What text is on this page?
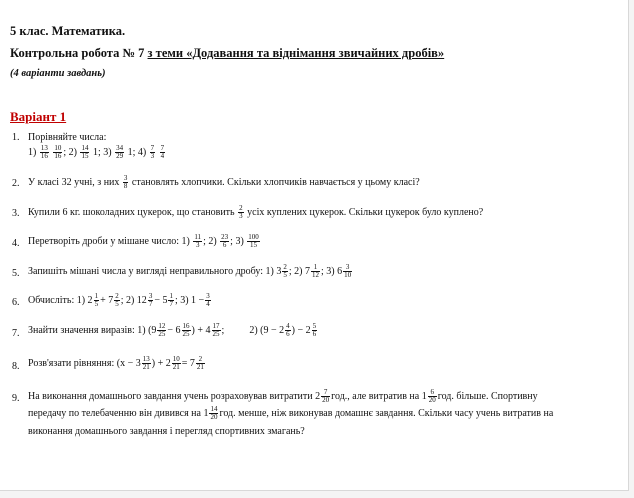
5 клас. Математика.
Контрольна робота № 7 з теми «Додавання та віднімання звичайних дробів»
(4 варіанти завдань)
Варіант 1
1. Порівняйте числа:
$1) \frac{13}{16}$
$\frac{10}{16}$ ; $2) \frac{14}{15} 1$; $3) \frac{34}{29} 1$; $4) \frac{7}{3}$
$\frac{7}{4}$
2. У класі 32 учні, з них $\frac{3}{8}$ становлять хлопчики. Скільки хлопчиків навчається у цьому класі?
3. Купили 6 кг. шоколадних цукерок, що становить $\frac{2}{3}$ усіх куплених цукерок. Скільки цукерок було куплено?
4. Перетворіть дроби у мішане число: $1) \frac{11}{3}$ ; $2) \frac{23}{6}$ ; $3) \frac{100}{15}$
5. Запишіть мішані числа у вигляді неправильного дробу: 1) $3 \frac{2}{5}$ ; 2) $7 \frac{1}{12}$ ; 3) $6 \frac{3}{10}$
6. Обчисліть: 1) $2 \frac{1}{5} + 7 \frac{2}{5}$ ; 2) $12 \frac{3}{7} - 5 \frac{1}{7}$ ; 3) $1 - \frac{3}{4}$
7. Знайти значення виразів: 1) ($9 \frac{12}{25} - 6 \frac{16}{25}$ ) + $4 \frac{17}{25}$ ;	2) ($9 - 2 \frac{4}{6}$ ) − $2 \frac{5}{6}$
8. Розв'язати рівняння: ($x - 3 \frac{13}{21}$ ) + $2 \frac{10}{21} = 7 \frac{2}{21}$
9. На виконання домашнього завдання учень розраховував витратити $2 \frac{7}{20}$ год., але витратив на $1 \frac{6}{20}$ год. більше. Спортивну
передачу по телебаченню він дивився на $1 \frac{14}{20}$ год. менше, ніж виконував домашнє завдання. Скільки часу учень витратив на
виконання домашнього завдання і перегляд спортивних змагань?
